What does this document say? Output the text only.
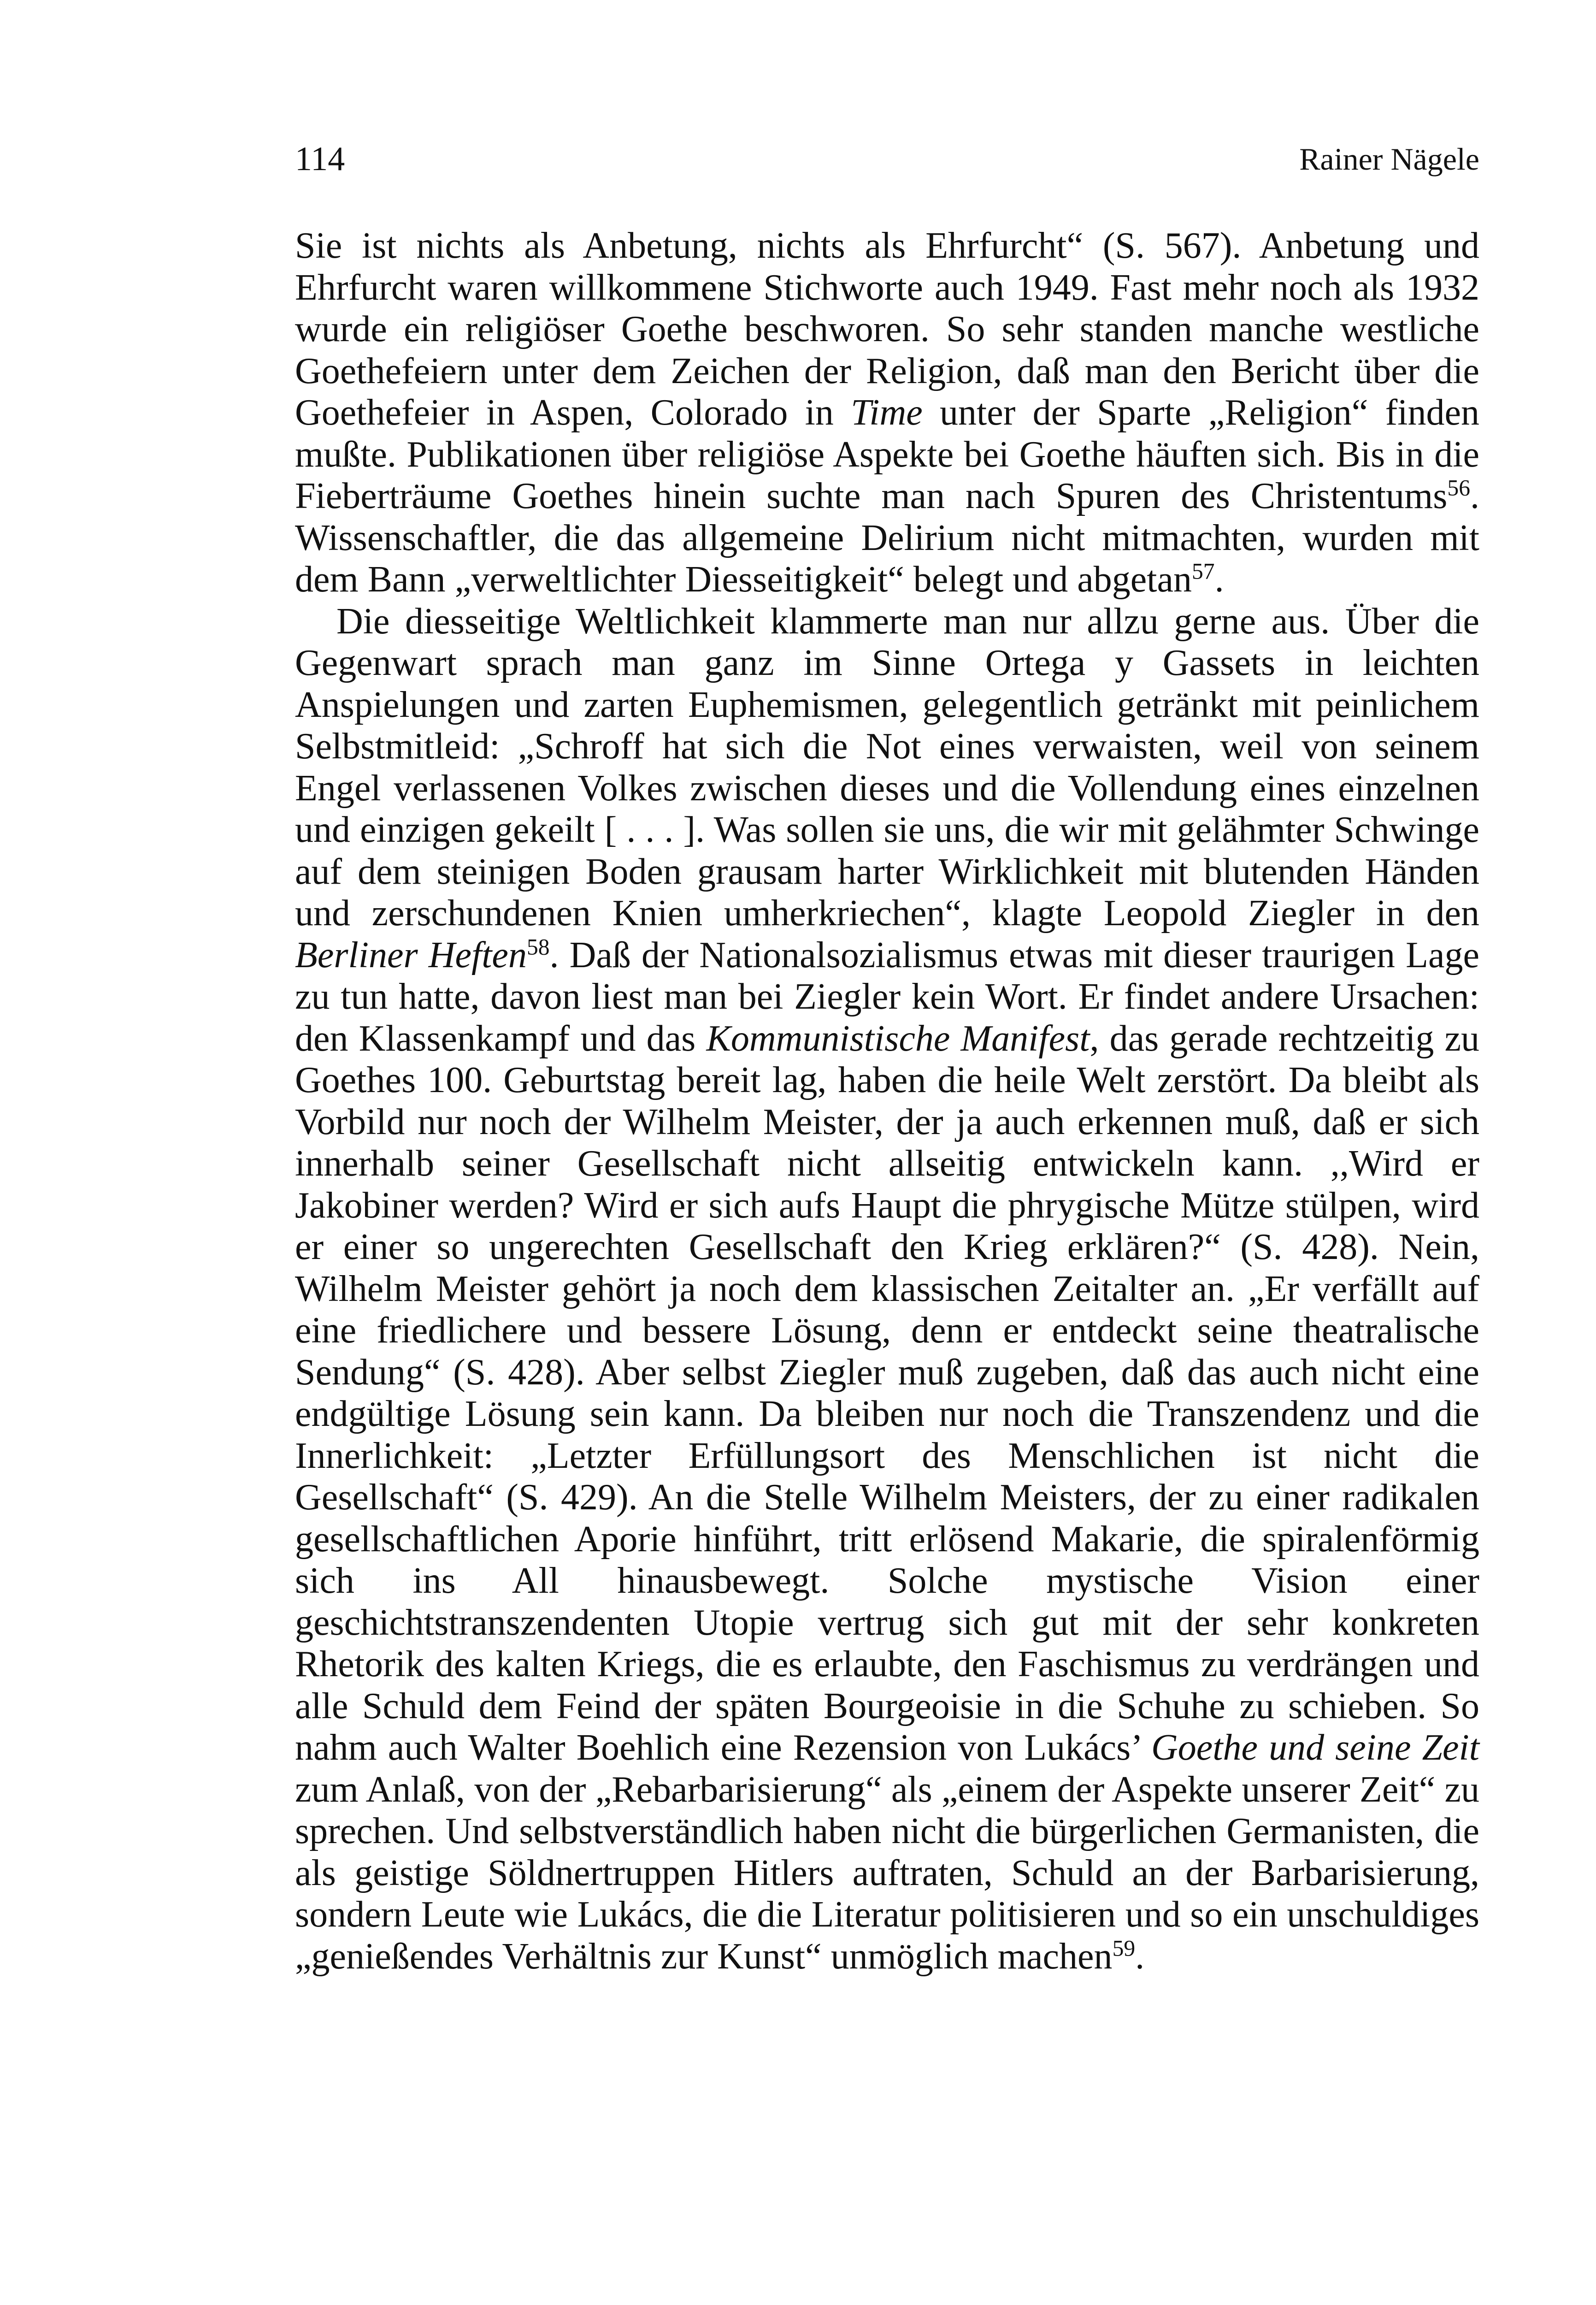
114	Rainer Nägele

Sie ist nichts als Anbetung, nichts als Ehrfurcht“ (S. 567). Anbetung und Ehrfurcht waren willkommene Stichworte auch 1949. Fast mehr noch als 1932 wurde ein religiöser Goethe beschworen. So sehr standen manche westliche Goethefeiern unter dem Zeichen der Religion, daß man den Bericht über die Goethefeier in Aspen, Colorado in Time unter der Sparte „Religion“ finden mußte. Publikationen über religiöse Aspekte bei Goethe häuften sich. Bis in die Fieberträume Goethes hinein suchte man nach Spuren des Christentums$^{56}$. Wissenschaftler, die das allgemeine Delirium nicht mitmachten, wurden mit dem Bann „verweltlichter Diesseitigkeit“ belegt und abgetan$^{57}$.

Die diesseitige Weltlichkeit klammerte man nur allzu gerne aus. Über die Gegenwart sprach man ganz im Sinne Ortega y Gassets in leichten Anspielungen und zarten Euphemismen, gelegentlich getränkt mit peinlichem Selbstmitleid: „Schroff hat sich die Not eines verwaisten, weil von seinem Engel verlassenen Volkes zwischen dieses und die Vollendung eines einzelnen und einzigen gekeilt [ . . . ]. Was sollen sie uns, die wir mit gelähmter Schwinge auf dem steinigen Boden grausam harter Wirklichkeit mit blutenden Händen und zerschundenen Knien umherkriechen“, klagte Leopold Ziegler in den Berliner Heften$^{58}$. Daß der Nationalsozialismus etwas mit dieser traurigen Lage zu tun hatte, davon liest man bei Ziegler kein Wort. Er findet andere Ursachen: den Klassenkampf und das Kommunistische Manifest, das gerade rechtzeitig zu Goethes 100. Geburtstag bereit lag, haben die heile Welt zerstört. Da bleibt als Vorbild nur noch der Wilhelm Meister, der ja auch erkennen muß, daß er sich innerhalb seiner Gesellschaft nicht allseitig entwickeln kann. ,,Wird er Jakobiner werden? Wird er sich aufs Haupt die phrygische Mütze stülpen, wird er einer so ungerechten Gesellschaft den Krieg erklären?“ (S. 428). Nein, Wilhelm Meister gehört ja noch dem klassischen Zeitalter an. „Er verfällt auf eine friedlichere und bessere Lösung, denn er entdeckt seine theatralische Sendung“ (S. 428). Aber selbst Ziegler muß zugeben, daß das auch nicht eine endgültige Lösung sein kann. Da bleiben nur noch die Transzendenz und die Innerlichkeit: „Letzter Erfüllungsort des Menschlichen ist nicht die Gesellschaft“ (S. 429). An die Stelle Wilhelm Meisters, der zu einer radikalen gesellschaftlichen Aporie hinführt, tritt erlösend Makarie, die spiralenförmig sich ins All hinausbewegt. Solche mystische Vision einer geschichtstranszendenten Utopie vertrug sich gut mit der sehr konkreten Rhetorik des kalten Kriegs, die es erlaubte, den Faschismus zu verdrängen und alle Schuld dem Feind der späten Bourgeoisie in die Schuhe zu schieben. So nahm auch Walter Boehlich eine Rezension von Lukács’ Goethe und seine Zeit zum Anlaß, von der „Rebarbarisierung“ als „einem der Aspekte unserer Zeit“ zu sprechen. Und selbstverständlich haben nicht die bürgerlichen Germanisten, die als geistige Söldnertruppen Hitlers auftraten, Schuld an der Barbarisierung, sondern Leute wie Lukács, die die Literatur politisieren und so ein unschuldiges „genießendes Verhältnis zur Kunst“ unmöglich machen$^{59}$.
